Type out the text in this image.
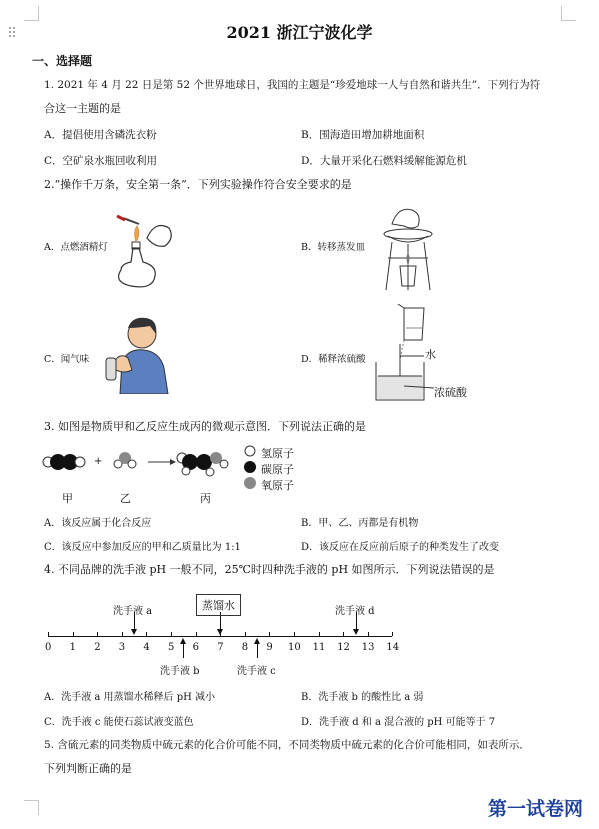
2021 浙江宁波化学
一、选择题
1. 2021 年 4 月 22 日是第 52 个世界地球日，我国的主题是“珍爱地球一人与自然和谐共生”．下列行为符
合这一主题的是
A．提倡使用含磷洗衣粉	B．围海造田增加耕地面积
C．空矿泉水瓶回收利用	D．大量开采化石燃料缓解能源危机
2.“操作千万条，安全第一条”．下列实验操作符合安全要求的是
A．点燃酒精灯	B．转移蒸发皿
C．闻气味	D．稀释浓硫酸	水
浓硫酸
3. 如图是物质甲和乙反应生成丙的微观示意图．下列说法正确的是
+
甲	乙	丙
氢原子
碳原子
氧原子
A．该反应属于化合反应	B．甲、乙、丙都是有机物
C．该反应中参加反应的甲和乙质量比为 1:1	D．该反应在反应前后原子的种类发生了改变
4. 不同品牌的洗手液 pH 一般不同，25℃时四种洗手液的 pH 如图所示．下列说法错误的是
0 1 2 3 4 5 6 7 8 9 10 11 12 13 14
洗手液 a	蒸馏水	洗手液 d
洗手液 b	洗手液 c
A．洗手液 a 用蒸馏水稀释后 pH 减小	B．洗手液 b 的酸性比 a 弱
C．洗手液 c 能使石蕊试液变蓝色	D．洗手液 d 和 a 混合液的 pH 可能等于 7
5. 含硫元素的同类物质中硫元素的化合价可能不同，不同类物质中硫元素的化合价可能相同，如表所示．
下列判断正确的是
第一试卷网
